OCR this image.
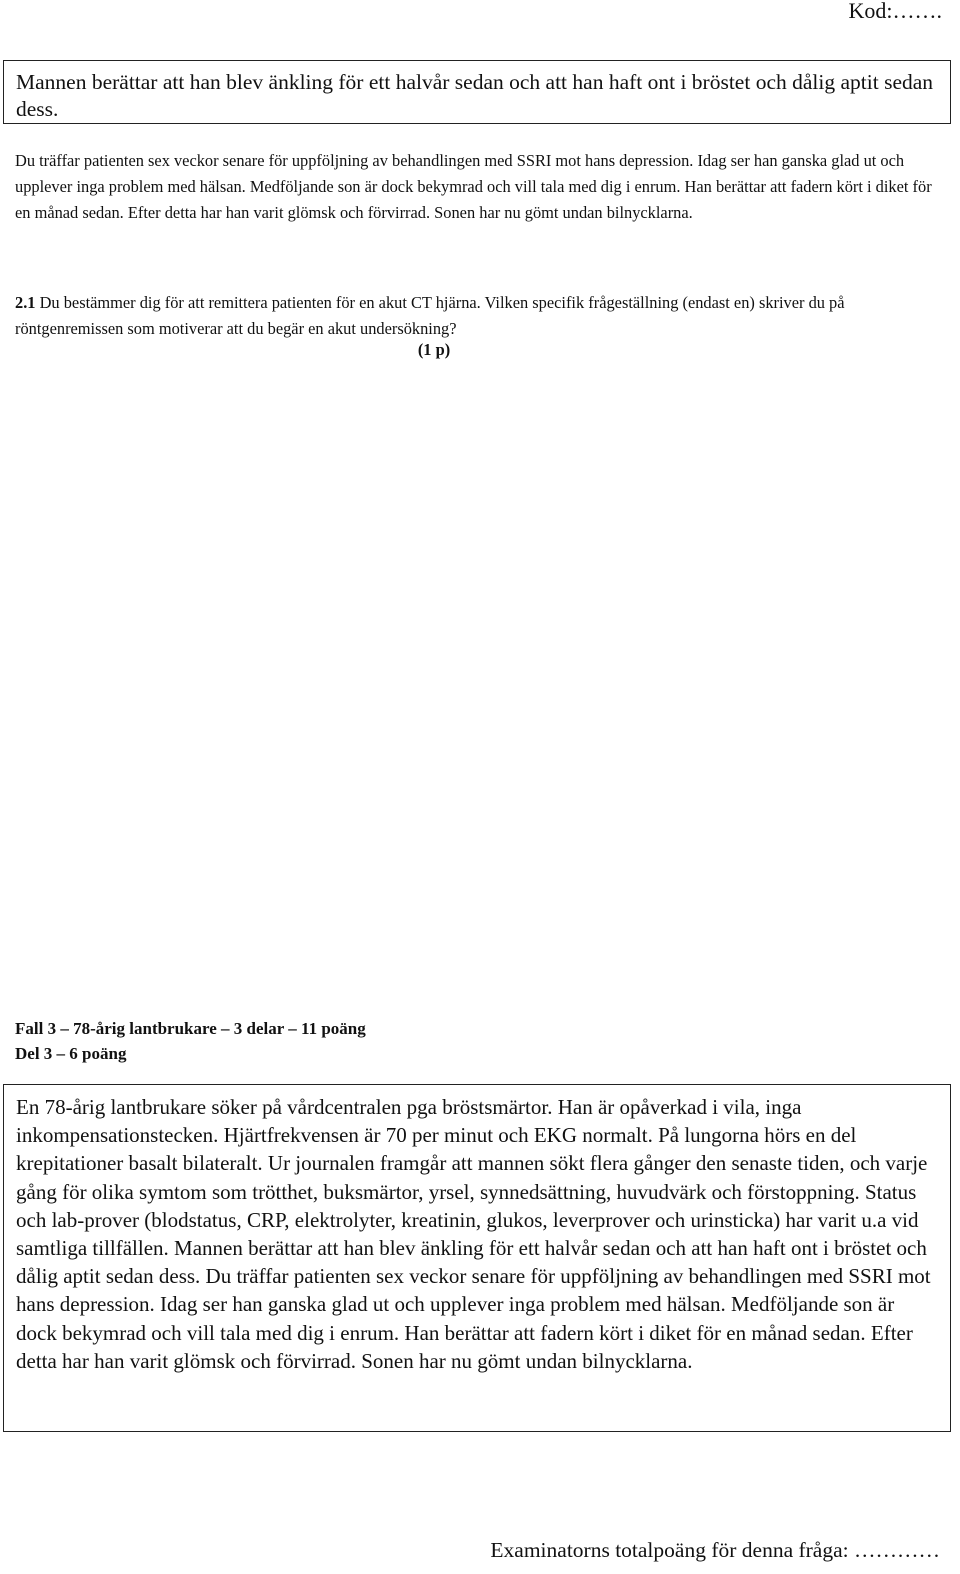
Kod:…….

Mannen berättar att han blev änkling för ett halvår sedan och att han haft ont i bröstet och dålig aptit sedan dess.

Du träffar patienten sex veckor senare för uppföljning av behandlingen med SSRI mot hans depression. Idag ser han ganska glad ut och upplever inga problem med hälsan. Medföljande son är dock bekymrad och vill tala med dig i enrum. Han berättar att fadern kört i diket för en månad sedan. Efter detta har han varit glömsk och förvirrad. Sonen har nu gömt undan bilnycklarna.
2.1 Du bestämmer dig för att remittera patienten för en akut CT hjärna. Vilken specifik frågeställning (endast en) skriver du på röntgenremissen som motiverar att du begär en akut undersökning?
(1 p)
Fall 3 – 78-årig lantbrukare – 3 delar – 11 poäng
Del 3 – 6 poäng

En 78-årig lantbrukare söker på vårdcentralen pga bröstsmärtor. Han är opåverkad i vila, inga inkompensationstecken. Hjärtfrekvensen är 70 per minut och EKG normalt. På lungorna hörs en del krepitationer basalt bilateralt. Ur journalen framgår att mannen sökt flera gånger den senaste tiden, och varje gång för olika symtom som trötthet, buksmärtor, yrsel, synnedsättning, huvudvärk och förstoppning. Status och lab-prover (blodstatus, CRP, elektrolyter, kreatinin, glukos, leverprover och urinsticka) har varit u.a vid samtliga tillfällen. Mannen berättar att han blev änkling för ett halvår sedan och att han haft ont i bröstet och dålig aptit sedan dess. Du träffar patienten sex veckor senare för uppföljning av behandlingen med SSRI mot hans depression. Idag ser han ganska glad ut och upplever inga problem med hälsan. Medföljande son är dock bekymrad och vill tala med dig i enrum. Han berättar att fadern kört i diket för en månad sedan. Efter detta har han varit glömsk och förvirrad. Sonen har nu gömt undan bilnycklarna.

Examinatorns totalpoäng för denna fråga: …………
